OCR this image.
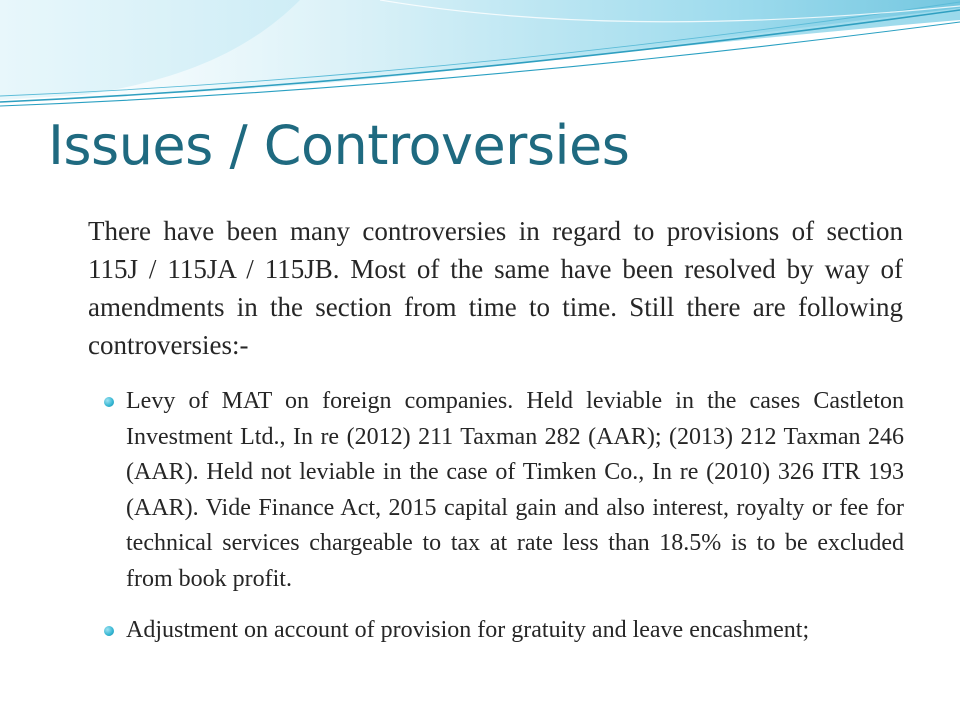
Issues / Controversies
There have been many controversies in regard to provisions of section 115J / 115JA / 115JB. Most of the same have been resolved by way of amendments in the section from time to time. Still there are following controversies:-
Levy of MAT on foreign companies. Held leviable in the cases Castleton Investment Ltd., In re (2012) 211 Taxman 282 (AAR); (2013) 212 Taxman 246 (AAR). Held not leviable in the case of Timken Co., In re (2010) 326 ITR 193 (AAR). Vide Finance Act, 2015 capital gain and also interest, royalty or fee for technical services chargeable to tax at rate less than 18.5% is to be excluded from book profit.
Adjustment on account of provision for gratuity and leave encashment;
